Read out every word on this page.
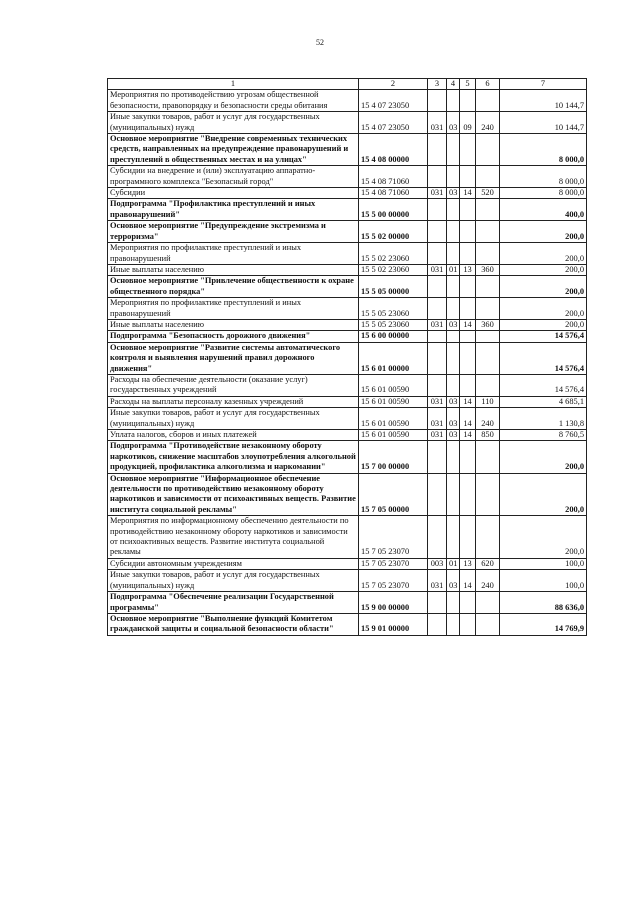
52
1	2	3	4	5	6	7
Мероприятия по противодействию угрозам общественной безопасности, правопорядку и безопасности среды обитания	15 4 07 23050					10 144,7
Иные закупки товаров, работ и услуг для государственных (муниципальных) нужд	15 4 07 23050	031	03	09	240	10 144,7
Основное мероприятие "Внедрение современных технических средств, направленных на предупреждение правонарушений и преступлений в общественных местах и на улицах"	15 4 08 00000					8 000,0
Субсидии на внедрение и (или) эксплуатацию аппаратно-программного комплекса "Безопасный город"	15 4 08 71060					8 000,0
Субсидии	15 4 08 71060	031	03	14	520	8 000,0
Подпрограмма "Профилактика преступлений и иных правонарушений"	15 5 00 00000					400,0
Основное мероприятие "Предупреждение экстремизма и терроризма"	15 5 02 00000					200,0
Мероприятия по профилактике преступлений и иных правонарушений	15 5 02 23060					200,0
Иные выплаты населению	15 5 02 23060	031	01	13	360	200,0
Основное мероприятие "Привлечение общественности к охране общественного порядка"	15 5 05 00000					200,0
Мероприятия по профилактике преступлений и иных правонарушений	15 5 05 23060					200,0
Иные выплаты населению	15 5 05 23060	031	03	14	360	200,0
Подпрограмма "Безопасность дорожного движения"	15 6 00 00000					14 576,4
Основное мероприятие "Развитие системы автоматического контроля и выявления нарушений правил дорожного движения"	15 6 01 00000					14 576,4
Расходы на обеспечение деятельности (оказание услуг) государственных учреждений	15 6 01 00590					14 576,4
Расходы на выплаты персоналу казенных учреждений	15 6 01 00590	031	03	14	110	4 685,1
Иные закупки товаров, работ и услуг для государственных (муниципальных) нужд	15 6 01 00590	031	03	14	240	1 130,8
Уплата налогов, сборов и иных платежей	15 6 01 00590	031	03	14	850	8 760,5
Подпрограмма "Противодействие незаконному обороту наркотиков, снижение масштабов злоупотребления алкогольной продукцией, профилактика алкоголизма и наркомании"	15 7 00 00000					200,0
Основное мероприятие "Информационное обеспечение деятельности по противодействию незаконному обороту наркотиков и зависимости от психоактивных веществ. Развитие института социальной рекламы"	15 7 05 00000					200,0
Мероприятия по информационному обеспечению деятельности по противодействию незаконному обороту наркотиков и зависимости от психоактивных веществ. Развитие института социальной рекламы	15 7 05 23070					200,0
Субсидии автономным учреждениям	15 7 05 23070	003	01	13	620	100,0
Иные закупки товаров, работ и услуг для государственных (муниципальных) нужд	15 7 05 23070	031	03	14	240	100,0
Подпрограмма "Обеспечение реализации Государственной программы"	15 9 00 00000					88 636,0
Основное мероприятие "Выполнение функций Комитетом гражданской защиты и социальной безопасности области"	15 9 01 00000					14 769,9
